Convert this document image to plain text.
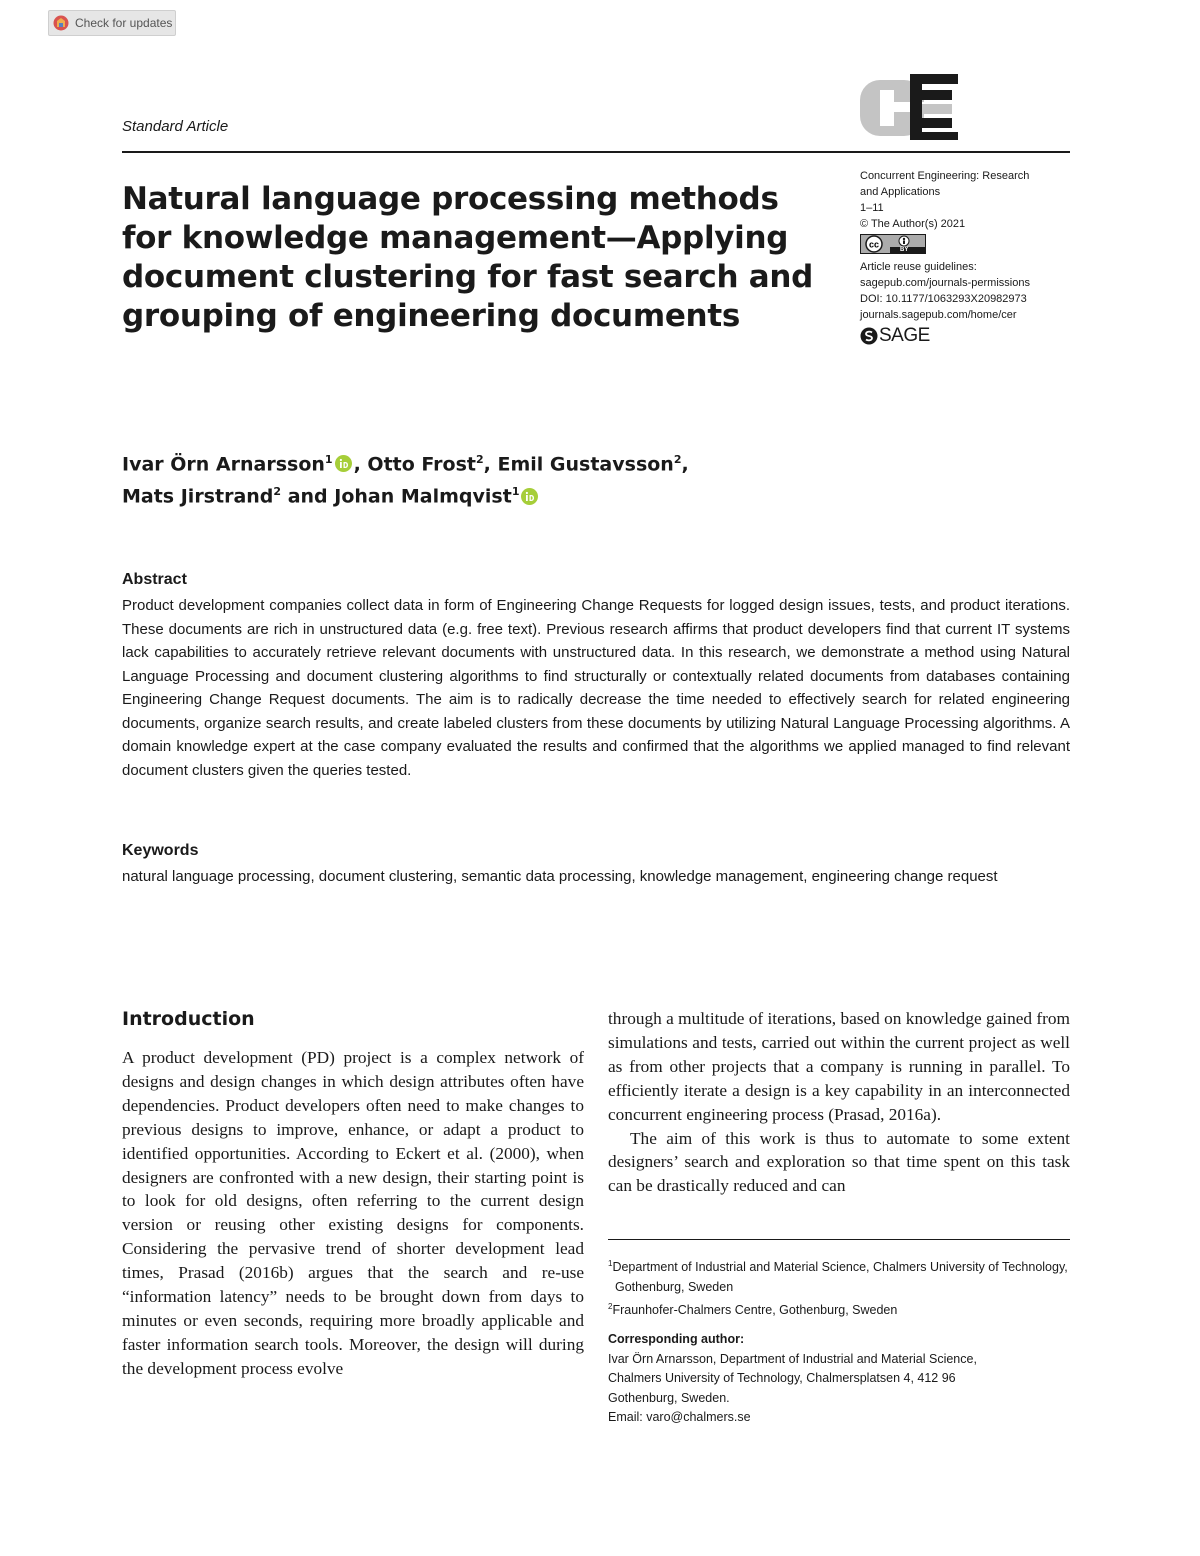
Check for updates
Standard Article
Natural language processing methods for knowledge management—Applying document clustering for fast search and grouping of engineering documents
Concurrent Engineering: Research
and Applications
1–11
© The Author(s) 2021
cc
BY
Article reuse guidelines:
sagepub.com/journals-permissions
DOI: 10.1177/1063293X20982973
journals.sagepub.com/home/cer
SAGE
Ivar Örn Arnarsson$^1$ , Otto Frost$^2$, Emil Gustavsson$^2$,
Mats Jirstrand$^2$ and Johan Malmqvist$^1$
Abstract
Product development companies collect data in form of Engineering Change Requests for logged design issues, tests, and product iterations. These documents are rich in unstructured data (e.g. free text). Previous research affirms that product developers find that current IT systems lack capabilities to accurately retrieve relevant documents with unstructured data. In this research, we demonstrate a method using Natural Language Processing and document clustering algorithms to find structurally or contextually related documents from databases containing Engineering Change Request documents. The aim is to radically decrease the time needed to effectively search for related engineering documents, organize search results, and create labeled clusters from these documents by utilizing Natural Language Processing algorithms. A domain knowledge expert at the case company evaluated the results and confirmed that the algorithms we applied managed to find relevant document clusters given the queries tested.
Keywords
natural language processing, document clustering, semantic data processing, knowledge management, engineering change request
Introduction

A product development (PD) project is a complex network of designs and design changes in which design attributes often have dependencies. Product developers often need to make changes to previous designs to improve, enhance, or adapt a product to identified opportunities. According to Eckert et al. (2000), when designers are confronted with a new design, their starting point is to look for old designs, often referring to the current design version or reusing other existing designs for components. Considering the pervasive trend of shorter development lead times, Prasad (2016b) argues that the search and re-use “information latency” needs to be brought down from days to minutes or even seconds, requiring more broadly applicable and faster information search tools. Moreover, the design will during the development process evolve

through a multitude of iterations, based on knowledge gained from simulations and tests, carried out within the current project as well as from other projects that a company is running in parallel. To efficiently iterate a design is a key capability in an interconnected concurrent engineering process (Prasad, 2016a).

The aim of this work is thus to automate to some extent designers’ search and exploration so that time spent on this task can be drastically reduced and can

$^1$Department of Industrial and Material Science, Chalmers University of Technology, Gothenburg, Sweden
$^2$Fraunhofer-Chalmers Centre, Gothenburg, Sweden
Corresponding author:
Ivar Örn Arnarsson, Department of Industrial and Material Science,
Chalmers University of Technology, Chalmersplatsen 4, 412 96
Gothenburg, Sweden.
Email: varo@chalmers.se
